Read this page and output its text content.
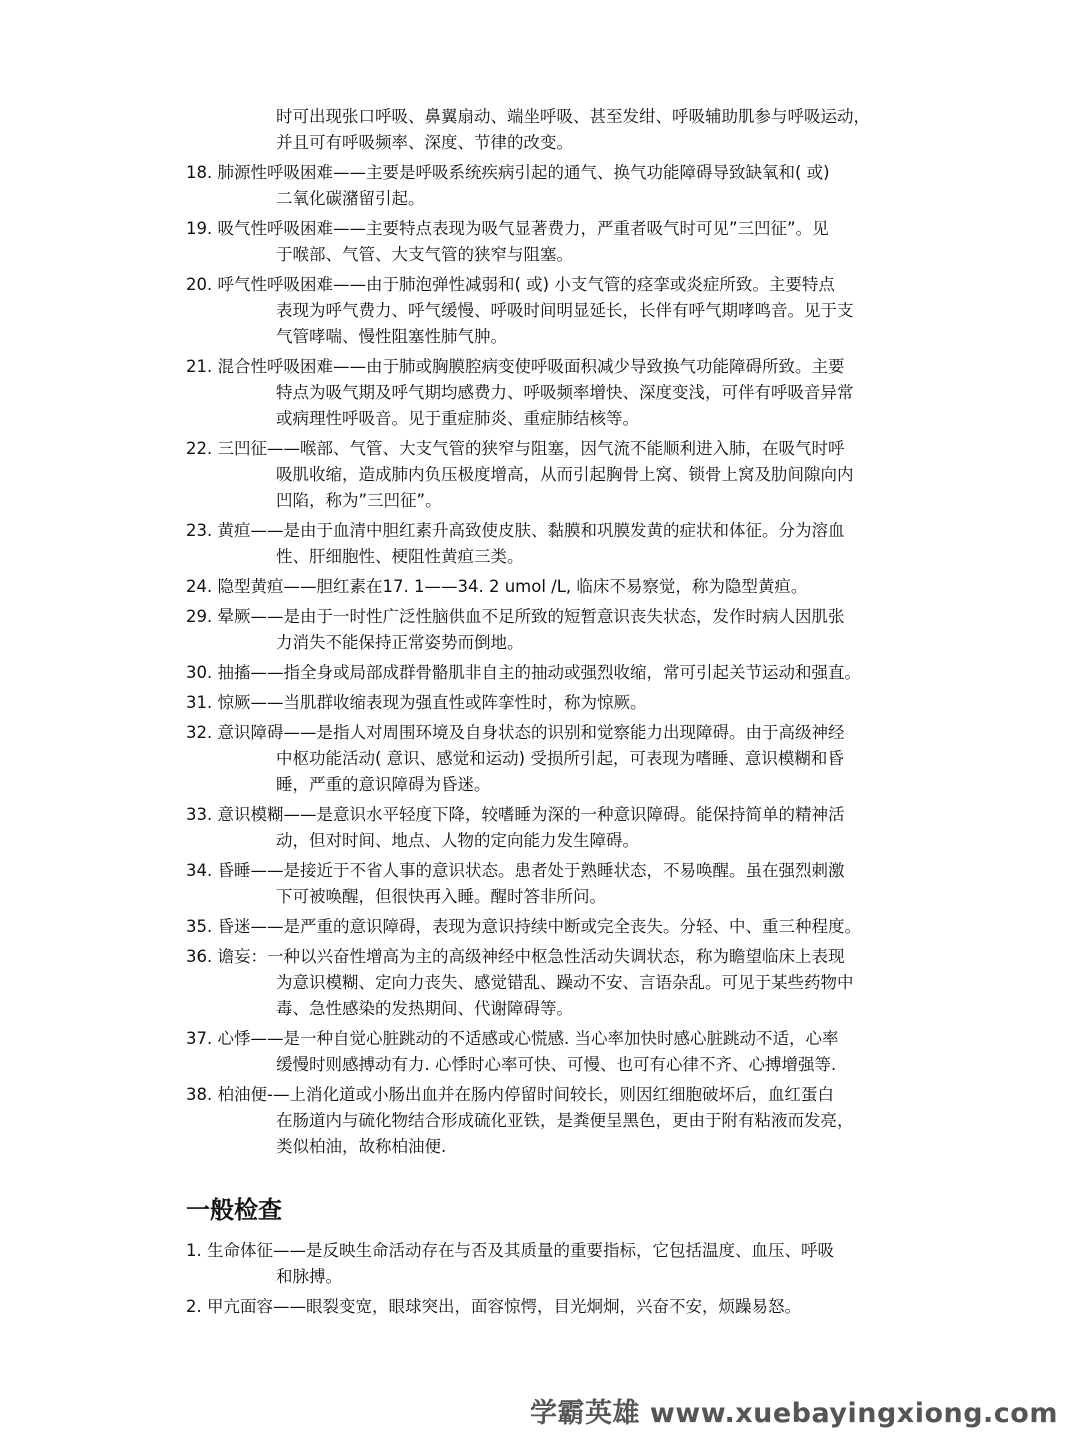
时可出现张口呼吸、鼻翼扇动、端坐呼吸、甚至发绀、呼吸辅助肌参与呼吸运动，
并且可有呼吸频率、深度、节律的改变。
18. 肺源性呼吸困难——主要是呼吸系统疾病引起的通气、换气功能障碍导致缺氧和( 或)
二氧化碳潴留引起。
19. 吸气性呼吸困难——主要特点表现为吸气显著费力，严重者吸气时可见”三凹征”。见
于喉部、气管、大支气管的狭窄与阻塞。
20. 呼气性呼吸困难——由于肺泡弹性减弱和( 或) 小支气管的痉挛或炎症所致。主要特点
表现为呼气费力、呼气缓慢、呼吸时间明显延长，长伴有呼气期哮鸣音。见于支
气管哮喘、慢性阻塞性肺气肿。
21. 混合性呼吸困难——由于肺或胸膜腔病变使呼吸面积减少导致换气功能障碍所致。主要
特点为吸气期及呼气期均感费力、呼吸频率增快、深度变浅，可伴有呼吸音异常
或病理性呼吸音。见于重症肺炎、重症肺结核等。
22. 三凹征——喉部、气管、大支气管的狭窄与阻塞，因气流不能顺利进入肺，在吸气时呼
吸肌收缩，造成肺内负压极度增高，从而引起胸骨上窝、锁骨上窝及肋间隙向内
凹陷，称为”三凹征”。
23. 黄疸——是由于血清中胆红素升高致使皮肤、黏膜和巩膜发黄的症状和体征。分为溶血
性、肝细胞性、梗阻性黄疸三类。
24. 隐型黄疸——胆红素在17. 1——34. 2 umol /L, 临床不易察觉，称为隐型黄疸。
29. 晕厥——是由于一时性广泛性脑供血不足所致的短暂意识丧失状态，发作时病人因肌张
力消失不能保持正常姿势而倒地。
30. 抽搐——指全身或局部成群骨骼肌非自主的抽动或强烈收缩，常可引起关节运动和强直。
31. 惊厥——当肌群收缩表现为强直性或阵挛性时，称为惊厥。
32. 意识障碍——是指人对周围环境及自身状态的识别和觉察能力出现障碍。由于高级神经
中枢功能活动( 意识、感觉和运动) 受损所引起，可表现为嗜睡、意识模糊和昏
睡，严重的意识障碍为昏迷。
33. 意识模糊——是意识水平轻度下降，较嗜睡为深的一种意识障碍。能保持简单的精神活
动，但对时间、地点、人物的定向能力发生障碍。
34. 昏睡——是接近于不省人事的意识状态。患者处于熟睡状态，不易唤醒。虽在强烈刺激
下可被唤醒，但很快再入睡。醒时答非所问。
35. 昏迷——是严重的意识障碍，表现为意识持续中断或完全丧失。分轻、中、重三种程度。
36. 谵妄：一种以兴奋性增高为主的高级神经中枢急性活动失调状态，称为瞻望临床上表现
为意识模糊、定向力丧失、感觉错乱、躁动不安、言语杂乱。可见于某些药物中
毒、急性感染的发热期间、代谢障碍等。
37. 心悸——是一种自觉心脏跳动的不适感或心慌感. 当心率加快时感心脏跳动不适，心率
缓慢时则感搏动有力. 心悸时心率可快、可慢、也可有心律不齐、心搏增强等.
38. 柏油便-—上消化道或小肠出血并在肠内停留时间较长，则因红细胞破坏后，血红蛋白
在肠道内与硫化物结合形成硫化亚铁，是粪便呈黑色，更由于附有粘液而发亮，
类似柏油，故称柏油便.
一般检查
1. 生命体征——是反映生命活动存在与否及其质量的重要指标，它包括温度、血压、呼吸
和脉搏。
2. 甲亢面容——眼裂变宽，眼球突出，面容惊愕，目光炯炯，兴奋不安，烦躁易怒。
学霸英雄 www.xuebayingxiong.com
